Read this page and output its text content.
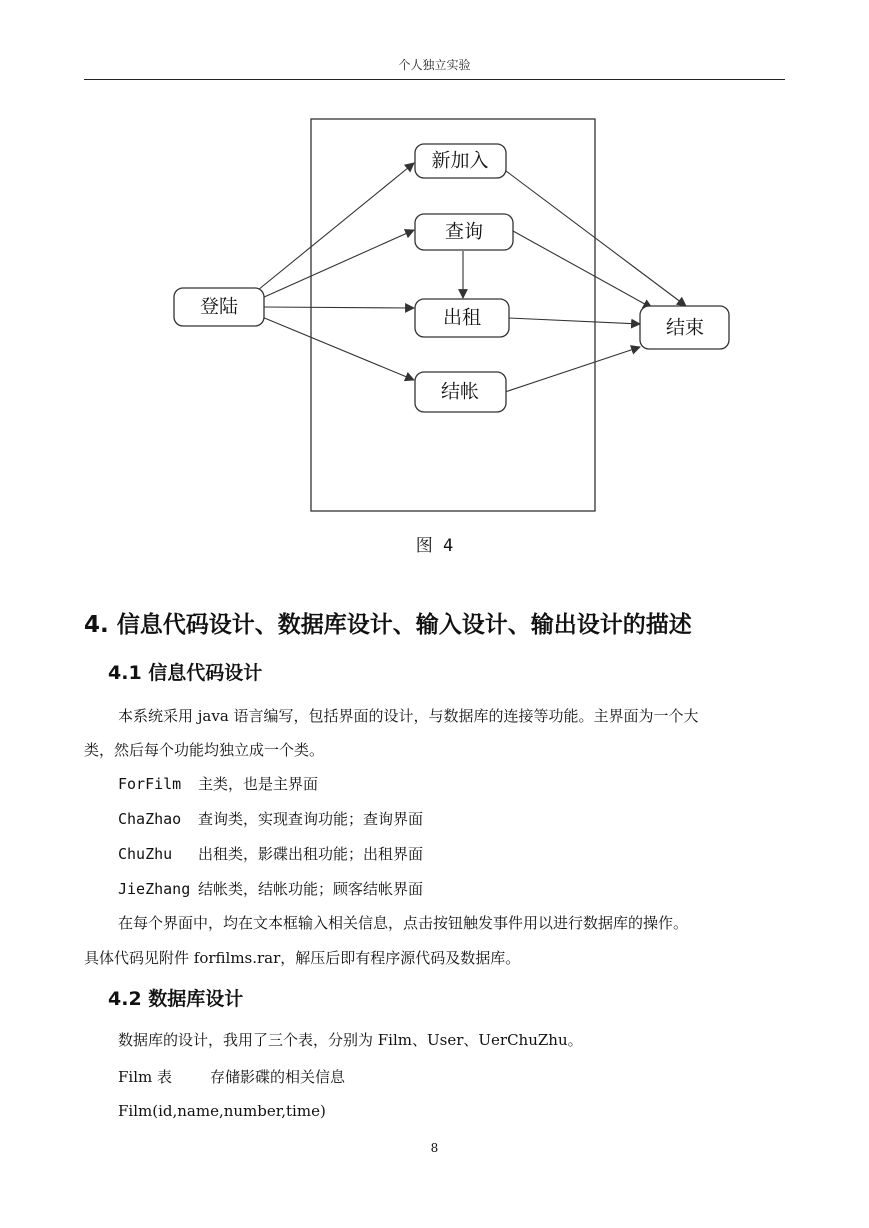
个人独立实验
登陆
新加入
查询
出租
结帐
结束
图 4
4. 信息代码设计、数据库设计、输入设计、输出设计的描述
4.1 信息代码设计
本系统采用 java 语言编写，包括界面的设计，与数据库的连接等功能。主界面为一个大
类，然后每个功能均独立成一个类。
ForFilm 主类，也是主界面
ChaZhao 查询类，实现查询功能；查询界面
ChuZhu 出租类，影碟出租功能；出租界面
JieZhang 结帐类，结帐功能；顾客结帐界面
在每个界面中，均在文本框输入相关信息，点击按钮触发事件用以进行数据库的操作。
具体代码见附件 forfilms.rar，解压后即有程序源代码及数据库。
4.2 数据库设计
数据库的设计，我用了三个表，分别为 Film、User、UerChuZhu。
Film 表	存储影碟的相关信息
Film(id,name,number,time)
8
